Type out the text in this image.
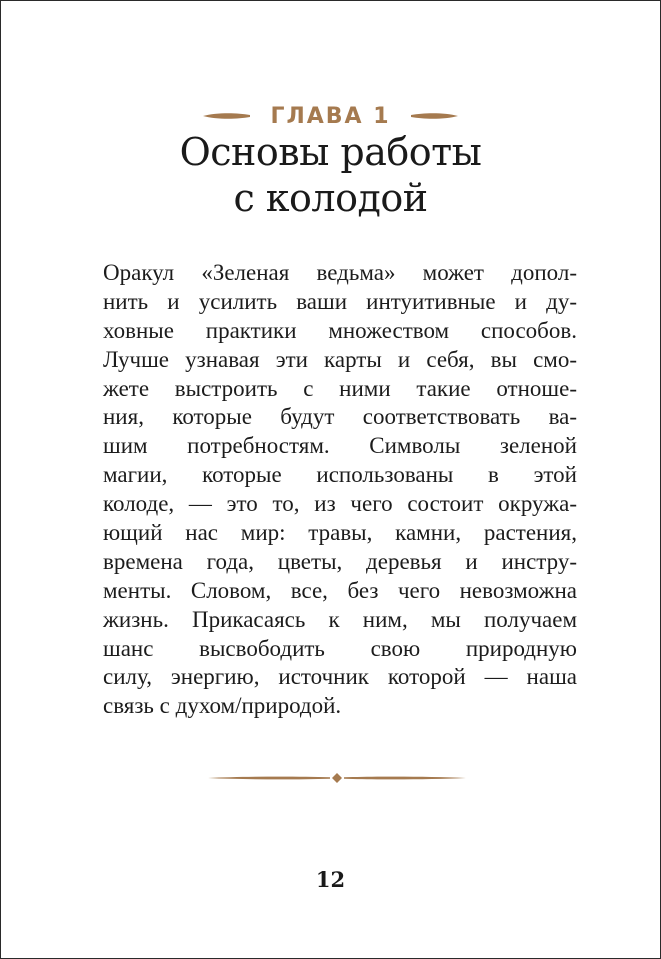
ГЛАВА 1
Основы работы
с колодой
Оракул «Зеленая ведьма» может допол-
нить и усилить ваши интуитивные и ду-
ховные практики множеством способов.
Лучше узнавая эти карты и себя, вы смо-
жете выстроить с ними такие отноше-
ния, которые будут соответствовать ва-
шим потребностям. Символы зеленой
магии, которые использованы в этой
колоде, — это то, из чего состоит окружа-
ющий нас мир: травы, камни, растения,
времена года, цветы, деревья и инстру-
менты. Словом, все, без чего невозможна
жизнь. Прикасаясь к ним, мы получаем
шанс высвободить свою природную
силу, энергию, источник которой — наша
связь с духом/природой.
12
